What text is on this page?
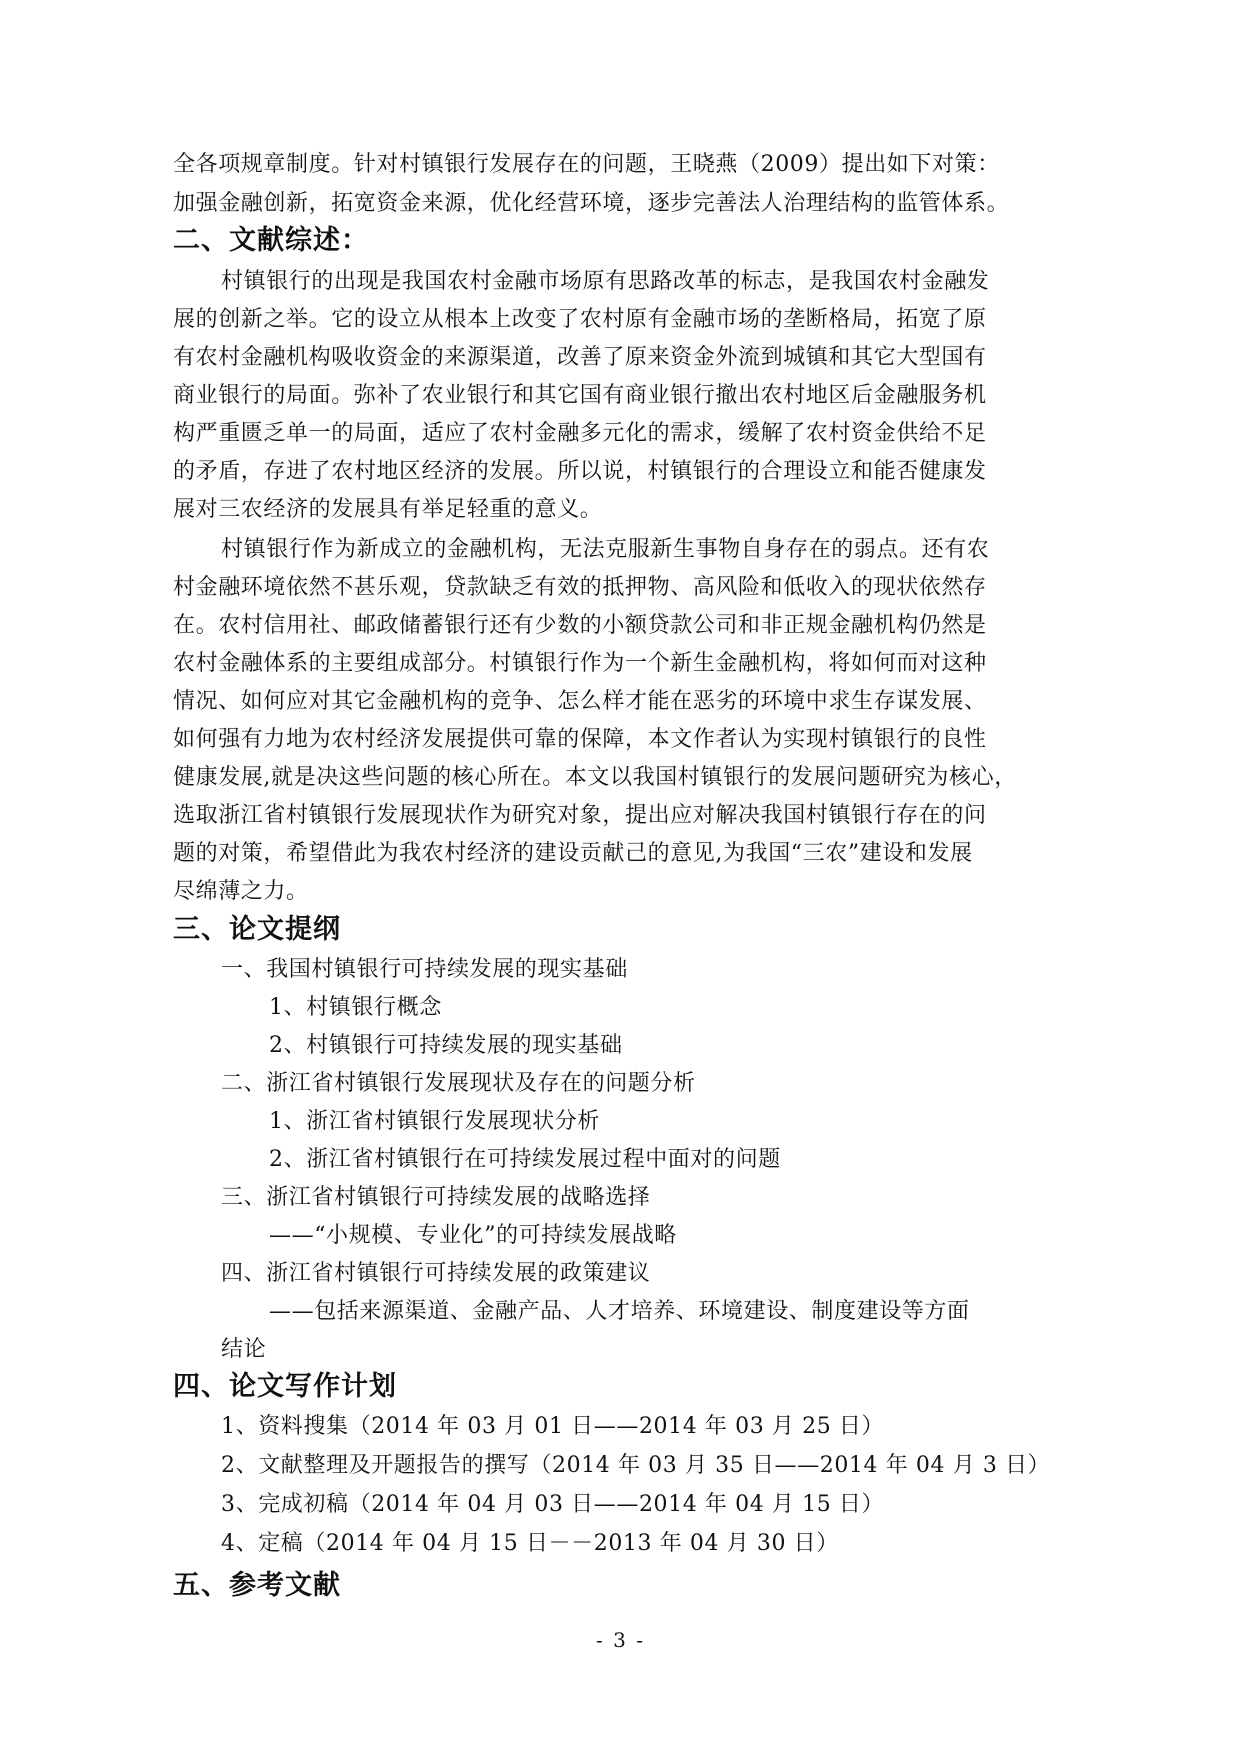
全各项规章制度。针对村镇银行发展存在的问题，王晓燕（2009）提出如下对策：
加强金融创新，拓宽资金来源，优化经营环境，逐步完善法人治理结构的监管体系。
二、文献综述：
村镇银行的出现是我国农村金融市场原有思路改革的标志，是我国农村金融发
展的创新之举。它的设立从根本上改变了农村原有金融市场的垄断格局，拓宽了原
有农村金融机构吸收资金的来源渠道，改善了原来资金外流到城镇和其它大型国有
商业银行的局面。弥补了农业银行和其它国有商业银行撤出农村地区后金融服务机
构严重匮乏单一的局面，适应了农村金融多元化的需求，缓解了农村资金供给不足
的矛盾，存进了农村地区经济的发展。所以说，村镇银行的合理设立和能否健康发
展对三农经济的发展具有举足轻重的意义。
村镇银行作为新成立的金融机构，无法克服新生事物自身存在的弱点。还有农
村金融环境依然不甚乐观，贷款缺乏有效的抵押物、高风险和低收入的现状依然存
在。农村信用社、邮政储蓄银行还有少数的小额贷款公司和非正规金融机构仍然是
农村金融体系的主要组成部分。村镇银行作为一个新生金融机构，将如何而对这种
情况、如何应对其它金融机构的竞争、怎么样才能在恶劣的环境中求生存谋发展、
如何强有力地为农村经济发展提供可靠的保障，本文作者认为实现村镇银行的良性
健康发展,就是决这些问题的核心所在。本文以我国村镇银行的发展问题研究为核心，
选取浙江省村镇银行发展现状作为研究对象，提出应对解决我国村镇银行存在的问
题的对策，希望借此为我农村经济的建设贡献己的意见,为我国“三农”建设和发展
尽绵薄之力。
三、论文提纲
一、我国村镇银行可持续发展的现实基础
1、村镇银行概念
2、村镇银行可持续发展的现实基础
二、浙江省村镇银行发展现状及存在的问题分析
1、浙江省村镇银行发展现状分析
2、浙江省村镇银行在可持续发展过程中面对的问题
三、浙江省村镇银行可持续发展的战略选择
——“小规模、专业化”的可持续发展战略
四、浙江省村镇银行可持续发展的政策建议
——包括来源渠道、金融产品、人才培养、环境建设、制度建设等方面
结论
四、论文写作计划
1、资料搜集（2014 年 03 月 01 日——2014 年 03 月 25 日）
2、文献整理及开题报告的撰写（2014 年 03 月 35 日——2014 年 04 月 3 日）
3、完成初稿（2014 年 04 月 03 日——2014 年 04 月 15 日）
4、定稿（2014 年 04 月 15 日－－2013 年 04 月 30 日）
五、参考文献
- 3 -
